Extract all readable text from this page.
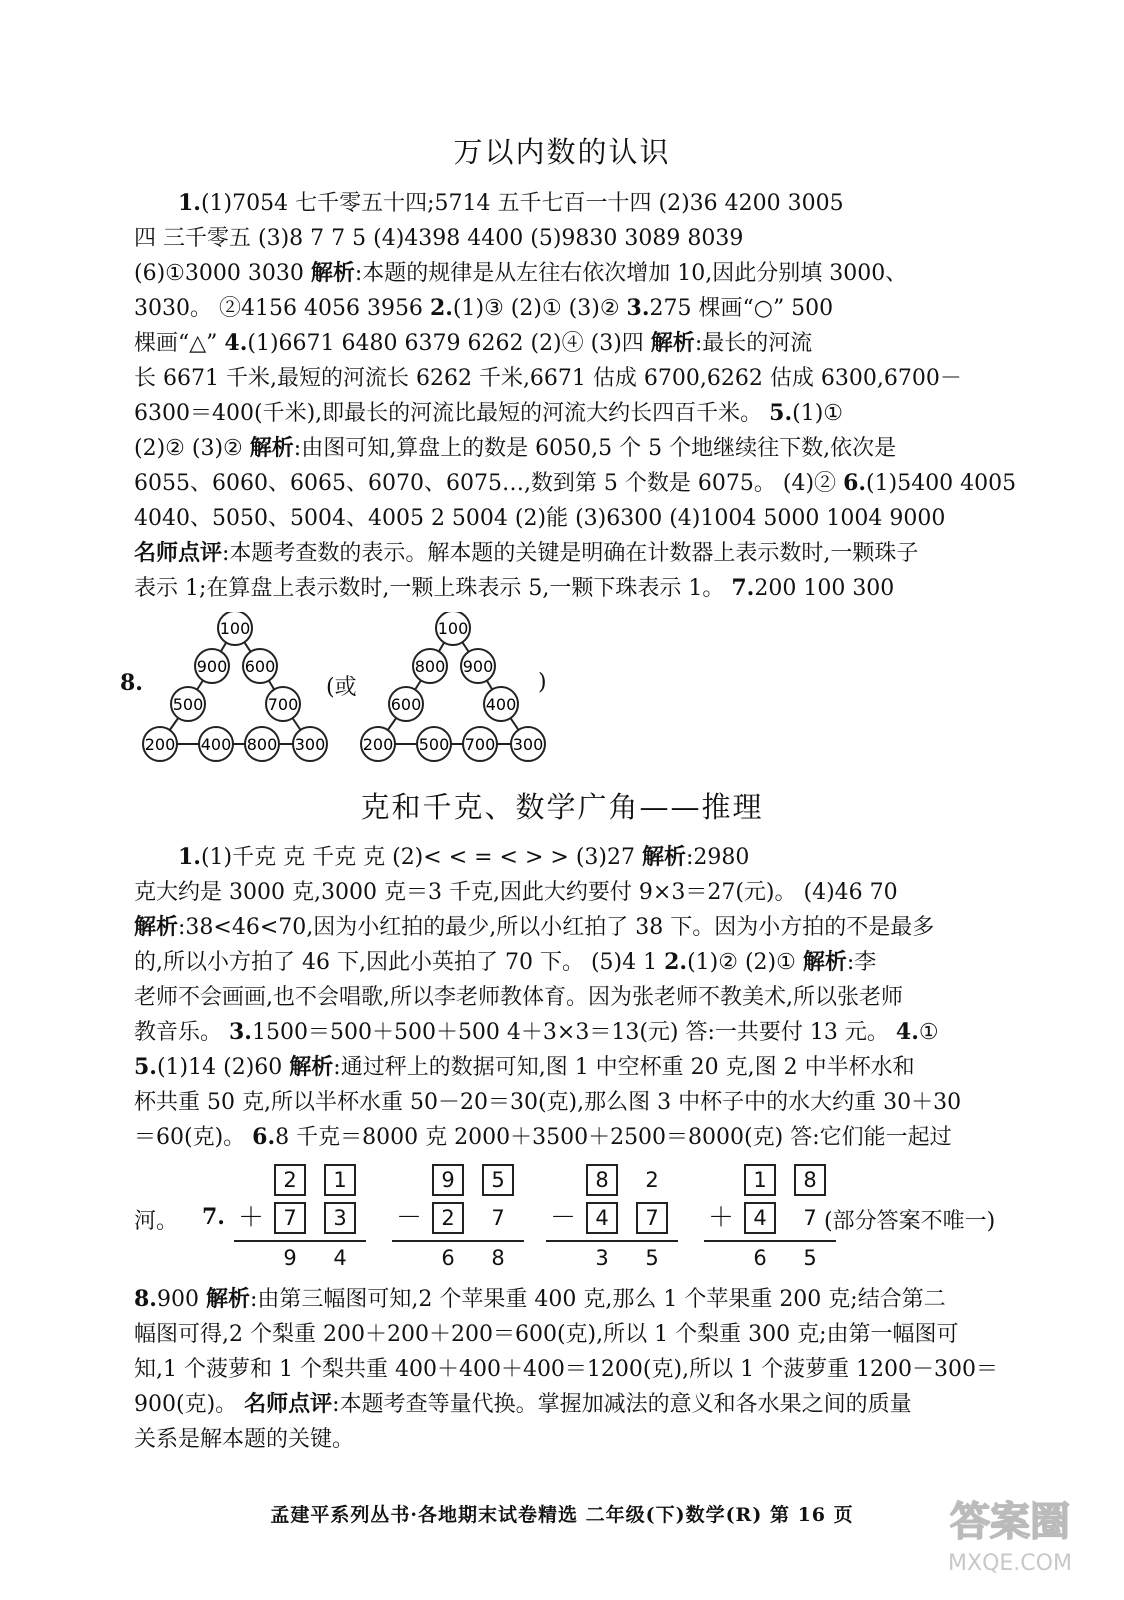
万以内数的认识
1.(1)7054 七千零五十四;5714 五千七百一十四 (2)36 4200 3005
四 三千零五 (3)8 7 7 5 (4)4398 4400 (5)9830 3089 8039
(6)①3000 3030 解析:本题的规律是从左往右依次增加 10,因此分别填 3000、
3030。 ②4156 4056 3956 2.(1)③ (2)① (3)② 3.275 棵画“○” 500
棵画“△” 4.(1)6671 6480 6379 6262 (2)④ (3)四 解析:最长的河流
长 6671 千米,最短的河流长 6262 千米,6671 估成 6700,6262 估成 6300,6700－
6300＝400(千米),即最长的河流比最短的河流大约长四百千米。 5.(1)①
(2)② (3)② 解析:由图可知,算盘上的数是 6050,5 个 5 个地继续往下数,依次是
6055、6060、6065、6070、6075…,数到第 5 个数是 6075。 (4)② 6.(1)5400 4005
4040、5050、5004、4005 2 5004 (2)能 (3)6300 (4)1004 5000 1004 9000
名师点评:本题考查数的表示。解本题的关键是明确在计数器上表示数时,一颗珠子
表示 1;在算盘上表示数时,一颗上珠表示 5,一颗下珠表示 1。 7.200 100 300
8.
100
900 600
500	700
200 400 800 300
(或
100
800 900
600	400
200 500 700 300
)
克和千克、数学广角——推理
1.(1)千克 克 千克 克 (2)< < = < > > (3)27 解析:2980
克大约是 3000 克,3000 克＝3 千克,因此大约要付 9×3＝27(元)。 (4)46 70
解析:38<46<70,因为小红拍的最少,所以小红拍了 38 下。因为小方拍的不是最多
的,所以小方拍了 46 下,因此小英拍了 70 下。 (5)4 1 2.(1)② (2)① 解析:李
老师不会画画,也不会唱歌,所以李老师教体育。因为张老师不教美术,所以张老师
教音乐。 3.1500＝500＋500＋500 4＋3×3＝13(元) 答:一共要付 13 元。 4.①
5.(1)14 (2)60 解析:通过秤上的数据可知,图 1 中空杯重 20 克,图 2 中半杯水和
杯共重 50 克,所以半杯水重 50－20＝30(克),那么图 3 中杯子中的水大约重 30＋30
＝60(克)。 6.8 千克＝8000 克 2000＋3500＋2500＝8000(克) 答:它们能一起过
河。 7.	(部分答案不唯一)
2	1
7	3
9	4
＋
9	5
2	7
6	8
－
8	2
4	7
3	5
－
1	8
4	7
6	5
＋
8.900 解析:由第三幅图可知,2 个苹果重 400 克,那么 1 个苹果重 200 克;结合第二
幅图可得,2 个梨重 200＋200＋200＝600(克),所以 1 个梨重 300 克;由第一幅图可
知,1 个菠萝和 1 个梨共重 400＋400＋400＝1200(克),所以 1 个菠萝重 1200－300＝
900(克)。 名师点评:本题考查等量代换。掌握加减法的意义和各水果之间的质量
关系是解本题的关键。
孟建平系列丛书·各地期末试卷精选 二年级(下)数学(R) 第 16 页	答案圈
MXQE.COM
